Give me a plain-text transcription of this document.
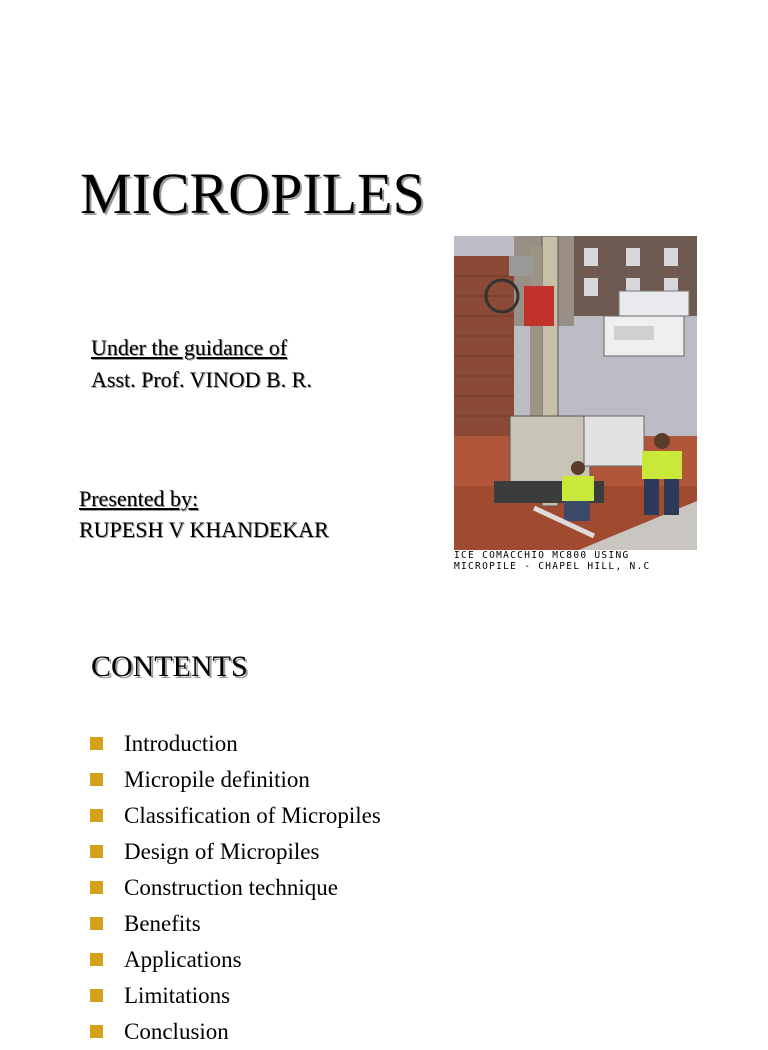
MICROPILES
Under the guidance of
Asst. Prof. VINOD B. R.
Presented by:
RUPESH V KHANDEKAR
ICE COMACCHIO MC800 USING
MICROPILE - CHAPEL HILL, N.C
CONTENTS
Introduction
Micropile definition
Classification of Micropiles
Design of Micropiles
Construction technique
Benefits
Applications
Limitations
Conclusion
